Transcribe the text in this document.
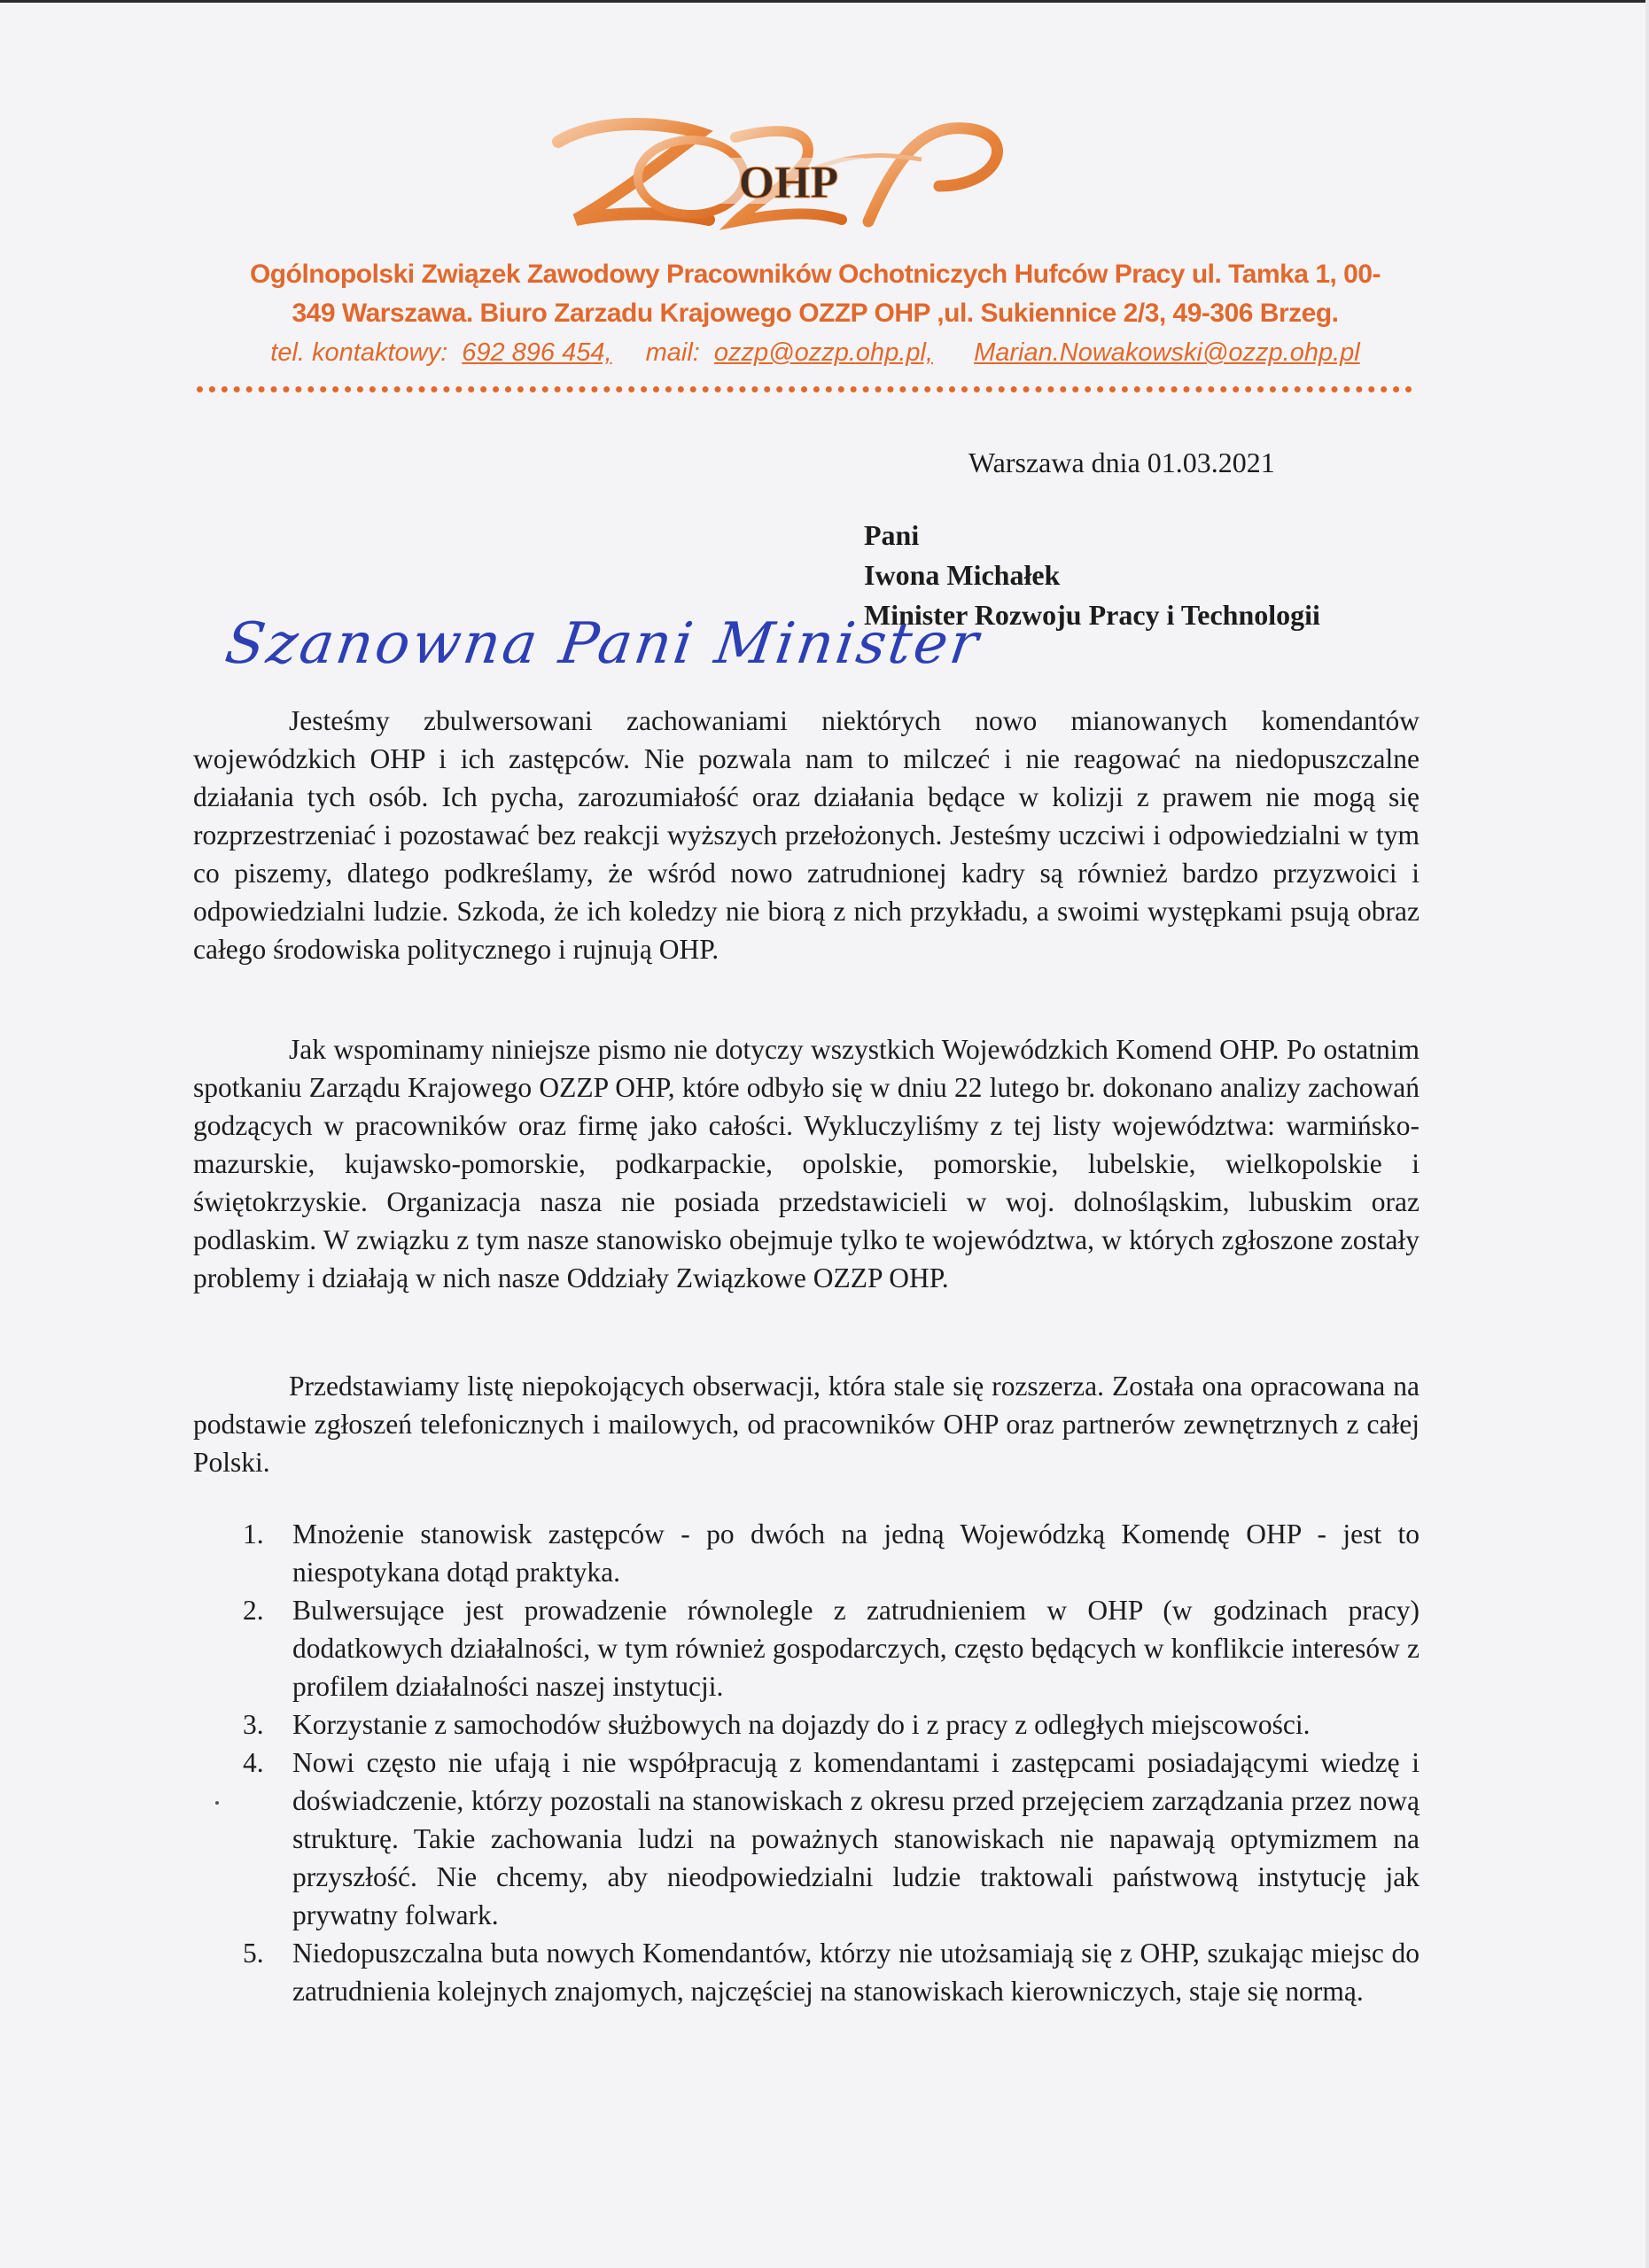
OHP
Ogólnopolski Związek Zawodowy Pracowników Ochotniczych Hufców Pracy ul. Tamka 1, 00-
349 Warszawa. Biuro Zarzadu Krajowego OZZP OHP ,ul. Sukiennice 2/3, 49-306 Brzeg.
tel. kontaktowy: 692 896 454, mail: ozzp@ozzp.ohp.pl, Marian.Nowakowski@ozzp.ohp.pl
Warszawa dnia 01.03.2021
Pani
Iwona Michałek
Minister Rozwoju Pracy i Technologii
Szanowna Pani Minister

Jesteśmy zbulwersowani zachowaniami niektórych nowo mianowanych komendantów wojewódzkich OHP i ich zastępców. Nie pozwala nam to milczeć i nie reagować na niedopuszczalne działania tych osób. Ich pycha, zarozumiałość oraz działania będące w kolizji z prawem nie mogą się rozprzestrzeniać i pozostawać bez reakcji wyższych przełożonych. Jesteśmy uczciwi i odpowiedzialni w tym co piszemy, dlatego podkreślamy, że wśród nowo zatrudnionej kadry są również bardzo przyzwoici i odpowiedzialni ludzie. Szkoda, że ich koledzy nie biorą z nich przykładu, a swoimi występkami psują obraz całego środowiska politycznego i rujnują OHP.

Jak wspominamy niniejsze pismo nie dotyczy wszystkich Wojewódzkich Komend OHP. Po ostatnim spotkaniu Zarządu Krajowego OZZP OHP, które odbyło się w dniu 22 lutego br. dokonano analizy zachowań godzących w pracowników oraz firmę jako całości. Wykluczyliśmy z tej listy województwa: warmińsko-mazurskie, kujawsko-pomorskie, podkarpackie, opolskie, pomorskie, lubelskie, wielkopolskie i świętokrzyskie. Organizacja nasza nie posiada przedstawicieli w woj. dolnośląskim, lubuskim oraz podlaskim. W związku z tym nasze stanowisko obejmuje tylko te województwa, w których zgłoszone zostały problemy i działają w nich nasze Oddziały Związkowe OZZP OHP.

Przedstawiamy listę niepokojących obserwacji, która stale się rozszerza. Została ona opracowana na podstawie zgłoszeń telefonicznych i mailowych, od pracowników OHP oraz partnerów zewnętrznych z całej Polski.

1. Mnożenie stanowisk zastępców - po dwóch na jedną Wojewódzką Komendę OHP - jest to niespotykana dotąd praktyka.
2. Bulwersujące jest prowadzenie równolegle z zatrudnieniem w OHP (w godzinach pracy) dodatkowych działalności, w tym również gospodarczych, często będących w konflikcie interesów z profilem działalności naszej instytucji.
3. Korzystanie z samochodów służbowych na dojazdy do i z pracy z odległych miejscowości.
4. Nowi często nie ufają i nie współpracują z komendantami i zastępcami posiadającymi wiedzę i doświadczenie, którzy pozostali na stanowiskach z okresu przed przejęciem zarządzania przez nową strukturę. Takie zachowania ludzi na poważnych stanowiskach nie napawają optymizmem na przyszłość. Nie chcemy, aby nieodpowiedzialni ludzie traktowali państwową instytucję jak prywatny folwark.
5. Niedopuszczalna buta nowych Komendantów, którzy nie utożsamiają się z OHP, szukając miejsc do zatrudnienia kolejnych znajomych, najczęściej na stanowiskach kierowniczych, staje się normą.
